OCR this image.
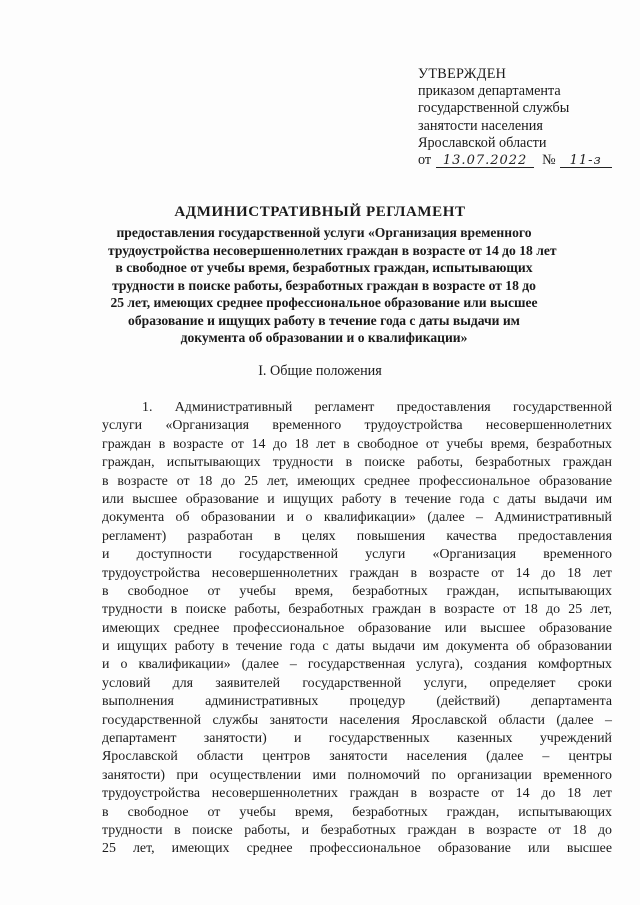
УТВЕРЖДЕН
приказом департамента
государственной службы
занятости населения
Ярославской области
от 13.07.2022	№	11-з
АДМИНИСТРАТИВНЫЙ РЕГЛАМЕНТ
предоставления государственной услуги «Организация временного
трудоустройства несовершеннолетних граждан в возрасте от 14 до 18 лет
в свободное от учебы время, безработных граждан, испытывающих
трудности в поиске работы, безработных граждан в возрасте от 18 до
25 лет, имеющих среднее профессиональное образование или высшее
образование и ищущих работу в течение года с даты выдачи им
документа об образовании и о квалификации»
I. Общие положения
1. Административный регламент предоставления государственной
услуги «Организация временного трудоустройства несовершеннолетних
граждан в возрасте от 14 до 18 лет в свободное от учебы время, безработных
граждан, испытывающих трудности в поиске работы, безработных граждан
в возрасте от 18 до 25 лет, имеющих среднее профессиональное образование
или высшее образование и ищущих работу в течение года с даты выдачи им
документа об образовании и о квалификации» (далее – Административный
регламент) разработан в целях повышения качества предоставления
и доступности государственной услуги «Организация временного
трудоустройства несовершеннолетних граждан в возрасте от 14 до 18 лет
в свободное от учебы время, безработных граждан, испытывающих
трудности в поиске работы, безработных граждан в возрасте от 18 до 25 лет,
имеющих среднее профессиональное образование или высшее образование
и ищущих работу в течение года с даты выдачи им документа об образовании
и о квалификации» (далее – государственная услуга), создания комфортных
условий для заявителей государственной услуги, определяет сроки
выполнения административных процедур (действий) департамента
государственной службы занятости населения Ярославской области (далее –
департамент занятости) и государственных казенных учреждений
Ярославской области центров занятости населения (далее – центры
занятости) при осуществлении ими полномочий по организации временного
трудоустройства несовершеннолетних граждан в возрасте от 14 до 18 лет
в свободное от учебы время, безработных граждан, испытывающих
трудности в поиске работы, и безработных граждан в возрасте от 18 до
25 лет, имеющих среднее профессиональное образование или высшее
